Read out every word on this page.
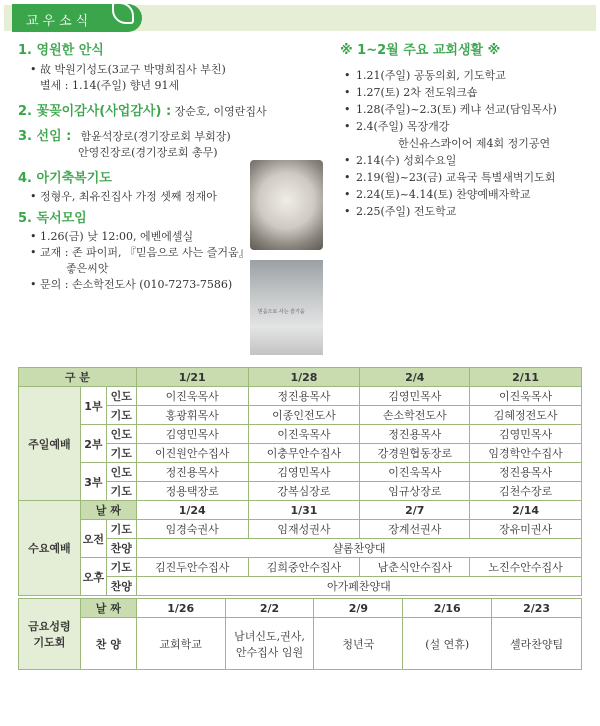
교우소식
1. 영원한 안식
• 故 박원기성도(3교구 박명희집사 부친)
별세 : 1.14(주일) 향년 91세
2. 꽃꽂이감사(사업감사) : 장순호, 이영란집사
3. 선임 : 함윤석장로(경기장로회 부회장)
안영진장로(경기장로회 총무)
4. 아기축복기도
• 정형우, 최유진집사 가정 셋째 정재아
5. 독서모임
• 1.26(금) 낮 12:00, 에벤에셀실
• 교재 : 존 파이퍼, 『믿음으로 사는 즐거움』
좋은씨앗
• 문의 : 손소학전도사 (010-7273-7586)
※ 1~2월 주요 교회생활 ※
• 1.21(주일) 공동의회, 기도학교
• 1.27(토) 2차 전도워크숍
• 1.28(주일)~2.3(토) 케냐 선교(담임목사)
• 2.4(주일) 목장개강
한신유스콰이어 제4회 정기공연
• 2.14(수) 성회수요일
• 2.19(월)~23(금) 교육국 특별새벽기도회
• 2.24(토)~4.14(토) 찬양예배자학교
• 2.25(주일) 전도학교
믿음으로 사는 즐거움
구 분			1/21	1/28	2/4	2/11
주일예배	1부	인도	이진욱목사	정진용목사	김영민목사	이진욱목사
		기도	홍광휘목사	이종인전도사	손소학전도사	김혜정전도사
	2부	인도	김영민목사	이진욱목사	정진용목사	김영민목사
		기도	이진원안수집사	이충무안수집사	강경원협동장로	임경학안수집사
	3부	인도	정진용목사	김영민목사	이진욱목사	정진용목사
		기도	정용택장로	강복심장로	임규상장로	김천수장로
수요예배	날 짜		1/24	1/31	2/7	2/14
	오전	기도	임경숙권사	임재성권사	장계선권사	장유미권사
		찬양	샬롬찬양대			
	오후	기도	김진두안수집사	김희중안수집사	남춘식안수집사	노진수안수집사
		찬양	아가페찬양대			
금요성령
기도회	날 짜	1/26	2/2	2/9	2/16	2/23
	찬 양	교회학교	남녀신도,권사,
안수집사 임원	청년국	(설 연휴)	셀라찬양팀
